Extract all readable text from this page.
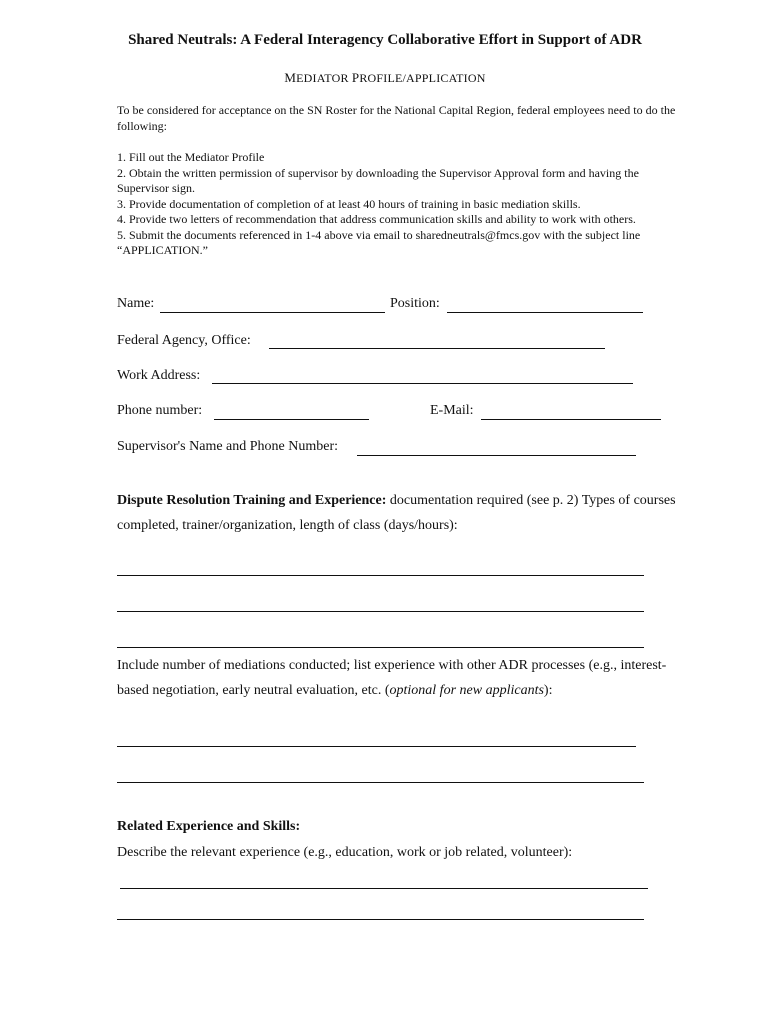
Shared Neutrals: A Federal Interagency Collaborative Effort in Support of ADR
MEDIATOR PROFILE/APPLICATION
To be considered for acceptance on the SN Roster for the National Capital Region, federal employees need to do the following:
1. Fill out the Mediator Profile
2. Obtain the written permission of supervisor by downloading the Supervisor Approval form and having the Supervisor sign.
3. Provide documentation of completion of at least 40 hours of training in basic mediation skills.
4. Provide two letters of recommendation that address communication skills and ability to work with others.
5. Submit the documents referenced in 1-4 above via email to sharedneutrals@fmcs.gov with the subject line “APPLICATION.”
Name:	Position:
Federal Agency, Office:
Work Address:
Phone number:	E-Mail:
Supervisor's Name and Phone Number:
Dispute Resolution Training and Experience: documentation required (see p. 2) Types of courses completed, trainer/organization, length of class (days/hours):
Include number of mediations conducted; list experience with other ADR processes (e.g., interest-based negotiation, early neutral evaluation, etc. (optional for new applicants):
Related Experience and Skills:
Describe the relevant experience (e.g., education, work or job related, volunteer):
